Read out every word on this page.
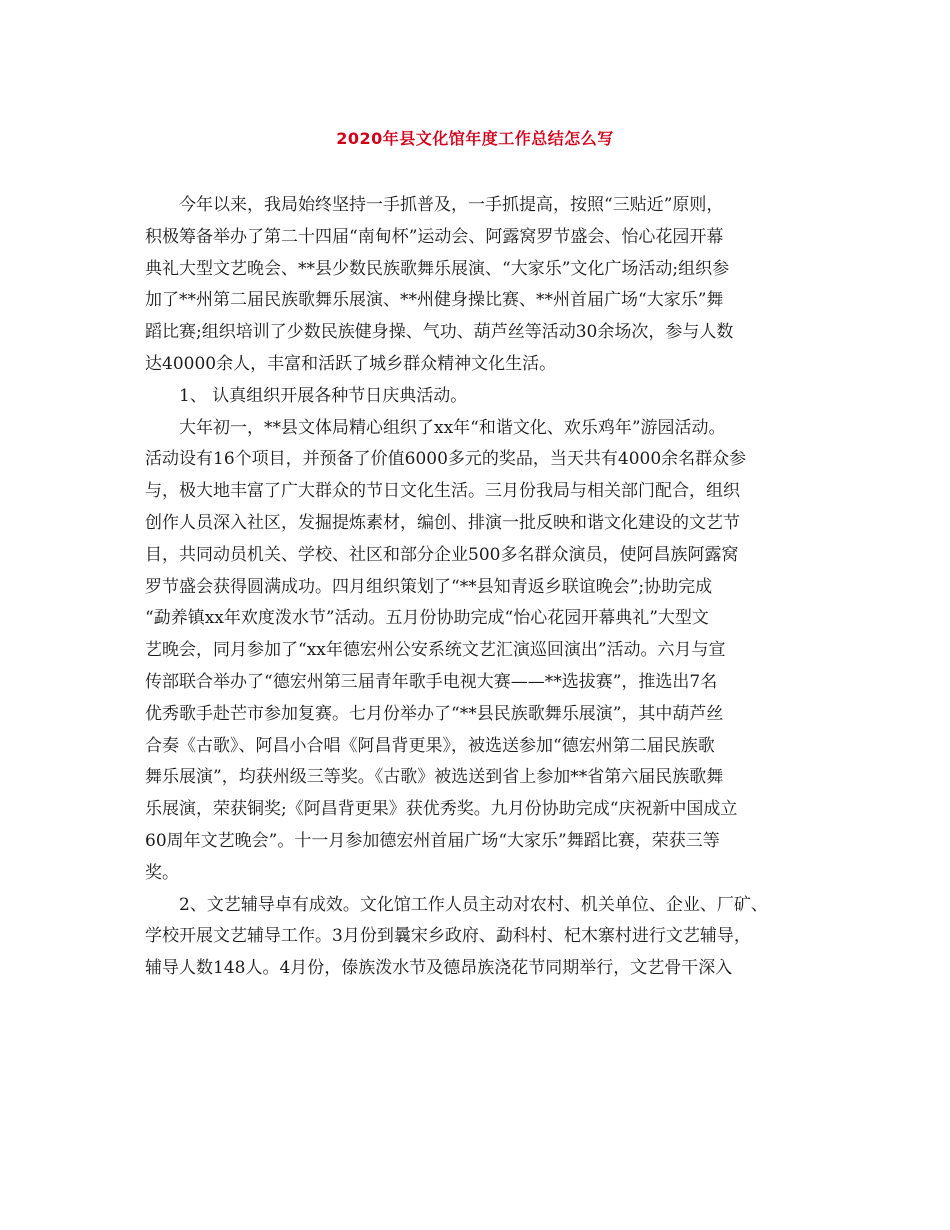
2020年县文化馆年度工作总结怎么写

今年以来，我局始终坚持一手抓普及，一手抓提高，按照“三贴近”原则，
积极筹备举办了第二十四届“南甸杯”运动会、阿露窝罗节盛会、怡心花园开幕
典礼大型文艺晚会、**县少数民族歌舞乐展演、“大家乐”文化广场活动;组织参
加了**州第二届民族歌舞乐展演、**州健身操比赛、**州首届广场“大家乐”舞
蹈比赛;组织培训了少数民族健身操、气功、葫芦丝等活动30余场次，参与人数
达40000余人，丰富和活跃了城乡群众精神文化生活。

1、 认真组织开展各种节日庆典活动。

大年初一，**县文体局精心组织了xx年“和谐文化、欢乐鸡年”游园活动。
活动设有16个项目，并预备了价值6000多元的奖品，当天共有4000余名群众参
与，极大地丰富了广大群众的节日文化生活。三月份我局与相关部门配合，组织
创作人员深入社区，发掘提炼素材，编创、排演一批反映和谐文化建设的文艺节
目，共同动员机关、学校、社区和部分企业500多名群众演员，使阿昌族阿露窝
罗节盛会获得圆满成功。四月组织策划了“**县知青返乡联谊晚会”;协助完成
“勐养镇xx年欢度泼水节”活动。五月份协助完成“怡心花园开幕典礼”大型文
艺晚会，同月参加了“xx年德宏州公安系统文艺汇演巡回演出”活动。六月与宣
传部联合举办了“德宏州第三届青年歌手电视大赛——**选拔赛”，推选出7名
优秀歌手赴芒市参加复赛。七月份举办了“**县民族歌舞乐展演”，其中葫芦丝
合奏《古歌》、阿昌小合唱《阿昌背更果》，被选送参加“德宏州第二届民族歌
舞乐展演”，均获州级三等奖。《古歌》被选送到省上参加**省第六届民族歌舞
乐展演，荣获铜奖;《阿昌背更果》获优秀奖。九月份协助完成“庆祝新中国成立
60周年文艺晚会”。十一月参加德宏州首届广场“大家乐”舞蹈比赛，荣获三等
奖。

2、文艺辅导卓有成效。文化馆工作人员主动对农村、机关单位、企业、厂矿、
学校开展文艺辅导工作。3月份到曩宋乡政府、勐科村、杞木寨村进行文艺辅导，
辅导人数148人。4月份，傣族泼水节及德昂族浇花节同期举行，文艺骨干深入
